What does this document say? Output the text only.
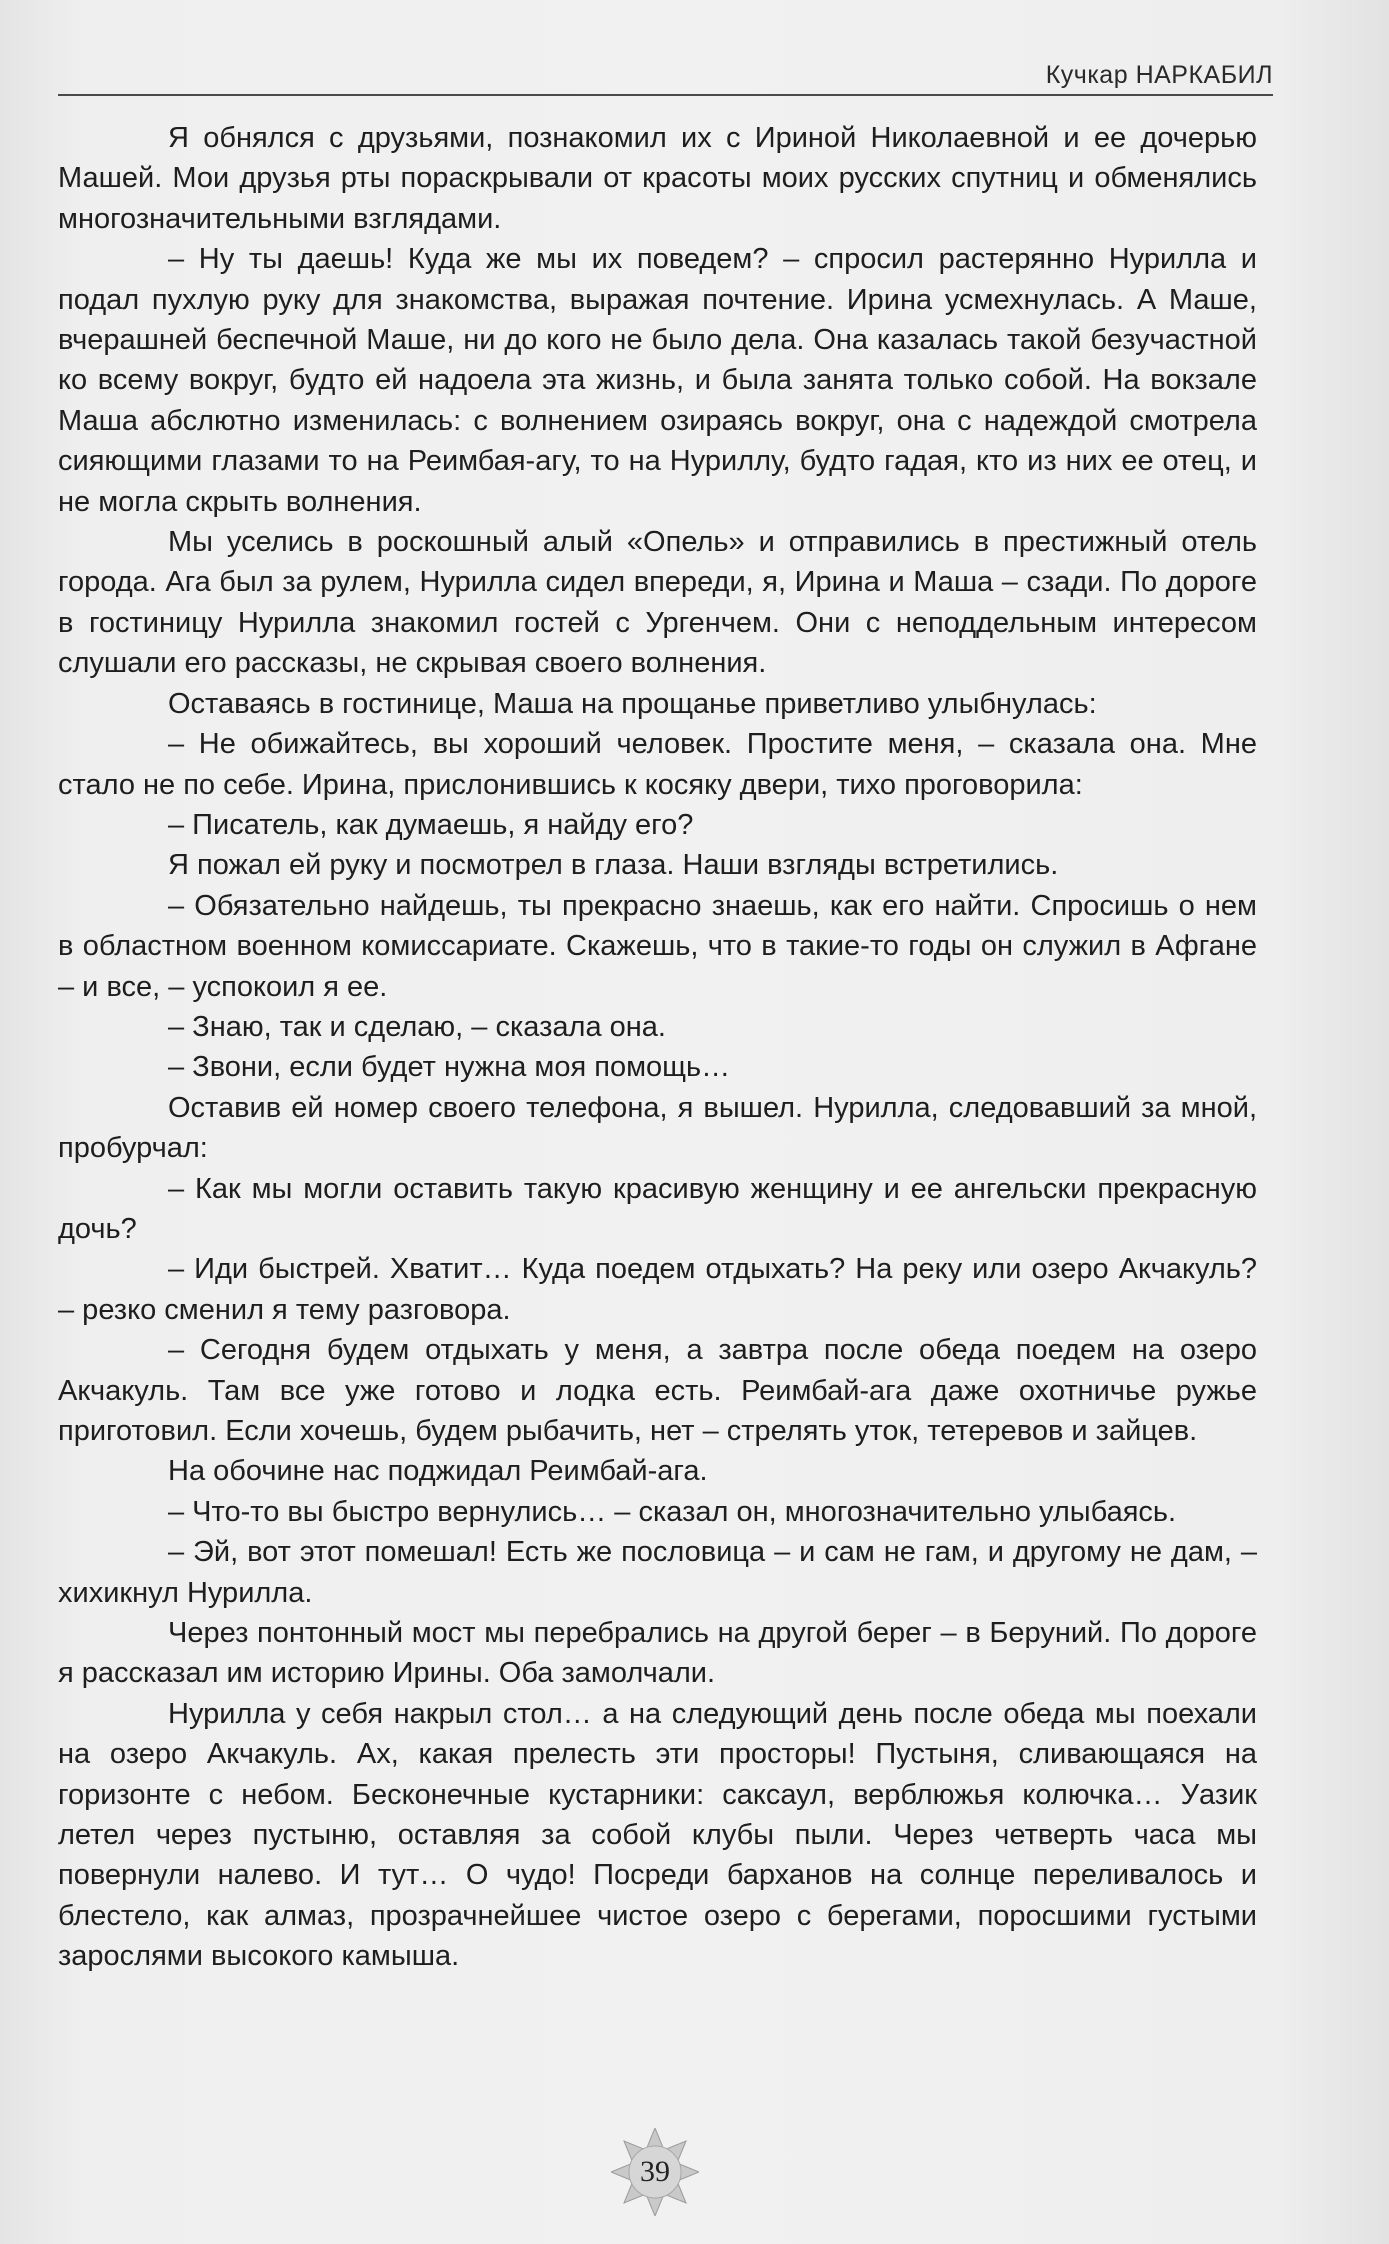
Кучкар НАРКАБИЛ

Я обнялся с друзьями, познакомил их с Ириной Николаевной и ее дочерью Машей. Мои друзья рты пораскрывали от красоты моих русских спутниц и обменялись многозначительными взглядами.

– Ну ты даешь! Куда же мы их поведем? – спросил растерянно Нурилла и подал пухлую руку для знакомства, выражая почтение. Ирина усмехнулась. А Маше, вчерашней беспечной Маше, ни до кого не было дела. Она казалась такой безучастной ко всему вокруг, будто ей надоела эта жизнь, и была занята только собой. На вокзале Маша абслютно изменилась: с волнением озираясь вокруг, она с надеждой смотрела сияющими глазами то на Реимбая-агу, то на Нуриллу, будто гадая, кто из них ее отец, и не могла скрыть волнения.

Мы уселись в роскошный алый «Опель» и отправились в престижный отель города. Ага был за рулем, Нурилла сидел впереди, я, Ирина и Маша – сзади. По дороге в гостиницу Нурилла знакомил гостей с Ургенчем. Они с неподдельным интересом слушали его рассказы, не скрывая своего волнения.

Оставаясь в гостинице, Маша на прощанье приветливо улыбнулась:

– Не обижайтесь, вы хороший человек. Простите меня, – сказала она. Мне стало не по себе. Ирина, прислонившись к косяку двери, тихо проговорила:

– Писатель, как думаешь, я найду его?

Я пожал ей руку и посмотрел в глаза. Наши взгляды встретились.

– Обязательно найдешь, ты прекрасно знаешь, как его найти. Спросишь о нем в областном военном комиссариате. Скажешь, что в такие-то годы он служил в Афгане – и все, – успокоил я ее.

– Знаю, так и сделаю, – сказала она.

– Звони, если будет нужна моя помощь…

Оставив ей номер своего телефона, я вышел. Нурилла, следовавший за мной, пробурчал:

– Как мы могли оставить такую красивую женщину и ее ангельски прекрасную дочь?

– Иди быстрей. Хватит… Куда поедем отдыхать? На реку или озеро Акчакуль? – резко сменил я тему разговора.

– Сегодня будем отдыхать у меня, а завтра после обеда поедем на озеро Акчакуль. Там все уже готово и лодка есть. Реимбай-ага даже охотничье ружье приготовил. Если хочешь, будем рыбачить, нет – стрелять уток, тетеревов и зайцев.

На обочине нас поджидал Реимбай-ага.

– Что-то вы быстро вернулись… – сказал он, многозначительно улыбаясь.

– Эй, вот этот помешал! Есть же пословица – и сам не гам, и другому не дам, – хихикнул Нурилла.

Через понтонный мост мы перебрались на другой берег – в Беруний. По дороге я рассказал им историю Ирины. Оба замолчали.

Нурилла у себя накрыл стол… а на следующий день после обеда мы поехали на озеро Акчакуль. Ах, какая прелесть эти просторы! Пустыня, сливающаяся на горизонте с небом. Бесконечные кустарники: саксаул, верблюжья колючка… Уазик летел через пустыню, оставляя за собой клубы пыли. Через четверть часа мы повернули налево. И тут… О чудо! Посреди барханов на солнце переливалось и блестело, как алмаз, прозрачнейшее чистое озеро с берегами, поросшими густыми зарослями высокого камыша.

39
